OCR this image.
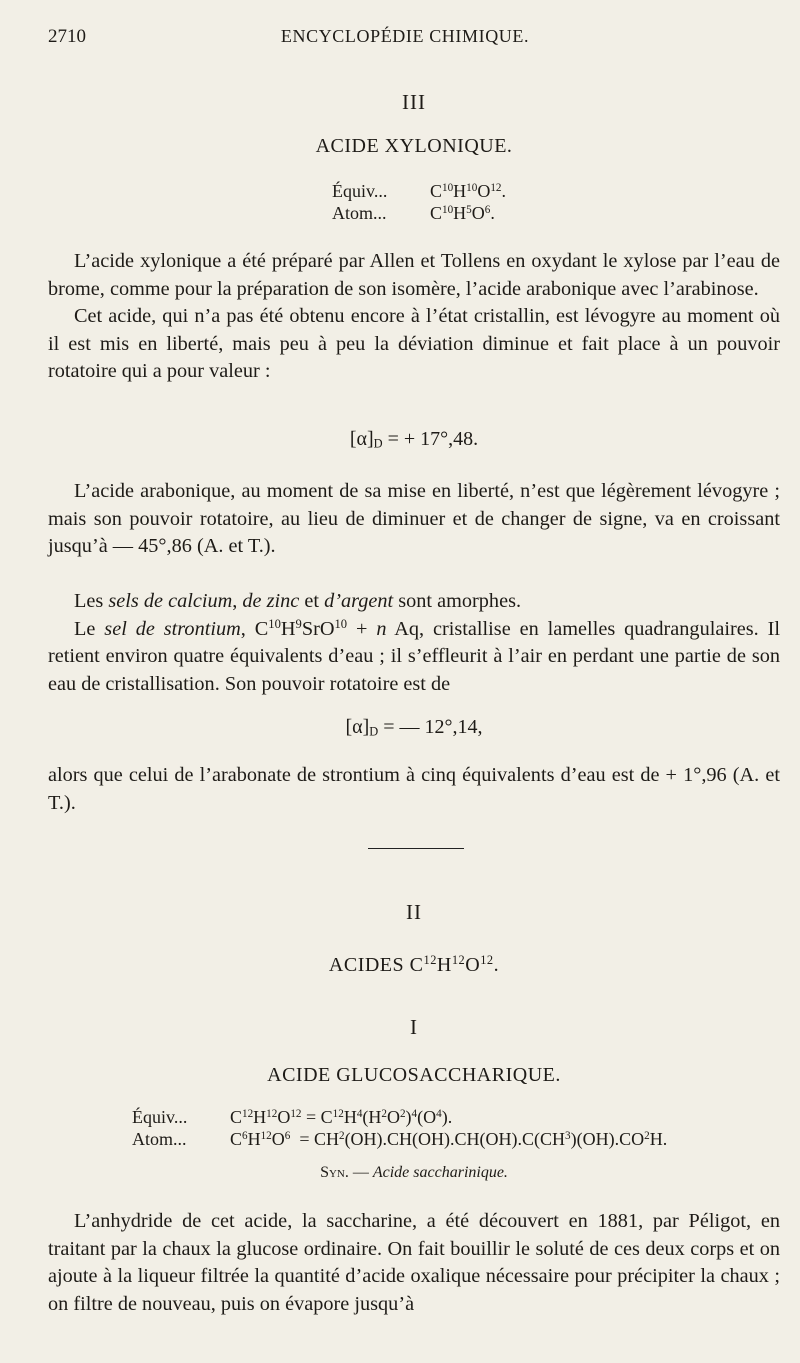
2710	ENCYCLOPÉDIE CHIMIQUE.
III
ACIDE XYLONIQUE.
Équiv... $C^{10}H^{10}O^{12}$.
Atom... $C^{10}H^5O^6$.

L’acide xylonique a été préparé par Allen et Tollens en oxydant le xylose par l’eau de brome, comme pour la préparation de son isomère, l’acide arabonique avec l’arabinose.

Cet acide, qui n’a pas été obtenu encore à l’état cristallin, est lévogyre au moment où il est mis en liberté, mais peu à peu la déviation diminue et fait place à un pouvoir rotatoire qui a pour valeur :

$[\alpha]_D$ = + 17°,48.

L’acide arabonique, au moment de sa mise en liberté, n’est que légèrement lévogyre ; mais son pouvoir rotatoire, au lieu de diminuer et de changer de signe, va en croissant jusqu’à — 45°,86 (A. et T.).

Les sels de calcium, de zinc et d’argent sont amorphes.

Le sel de strontium, $C^{10}H^9SrO^{10} + n$ Aq, cristallise en lamelles quadrangulaires. Il retient environ quatre équivalents d’eau ; il s’effleurit à l’air en perdant une partie de son eau de cristallisation. Son pouvoir rotatoire est de

$[\alpha]_D$ = — 12°,14,

alors que celui de l’arabonate de strontium à cinq équivalents d’eau est de + 1°,96 (A. et T.).

II
ACIDES $C^{12}H^{12}O^{12}$.
I
ACIDE GLUCOSACCHARIQUE.
Équiv... $C^{12}H^{12}O^{12} = C^{12}H^4(H^2O^2)^4(O^4)$.
Atom... $C^6H^{12}O^6 = CH^2(OH).CH(OH).CH(OH).C(CH^3)(OH).CO^2H$.
Syn. — Acide saccharinique.

L’anhydride de cet acide, la saccharine, a été découvert en 1881, par Péligot, en traitant par la chaux la glucose ordinaire. On fait bouillir le soluté de ces deux corps et on ajoute à la liqueur filtrée la quantité d’acide oxalique nécessaire pour précipiter la chaux ; on filtre de nouveau, puis on évapore jusqu’à
